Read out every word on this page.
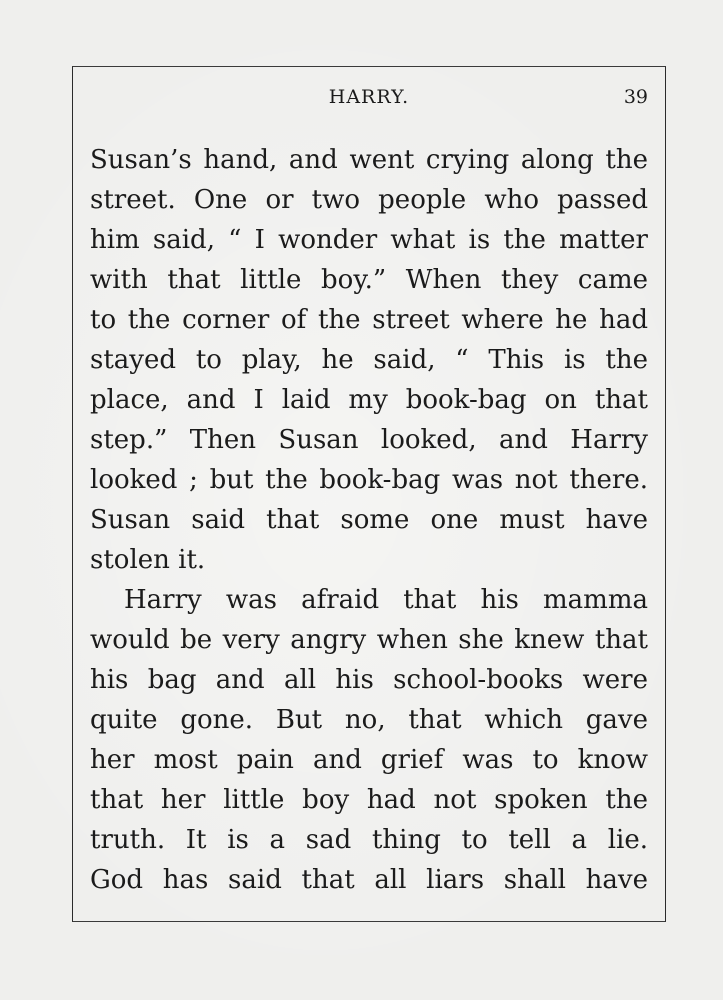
HARRY.	39
Susan’s hand, and went crying along the
street. One or two people who passed
him said, “ I wonder what is the matter
with that little boy.” When they came
to the corner of the street where he had
stayed to play, he said, “ This is the
place, and I laid my book-bag on that
step.” Then Susan looked, and Harry
looked ; but the book-bag was not there.
Susan said that some one must have
stolen it.
Harry was afraid that his mamma
would be very angry when she knew that
his bag and all his school-books were
quite gone. But no, that which gave
her most pain and grief was to know
that her little boy had not spoken the
truth. It is a sad thing to tell a lie.
God has said that all liars shall have
